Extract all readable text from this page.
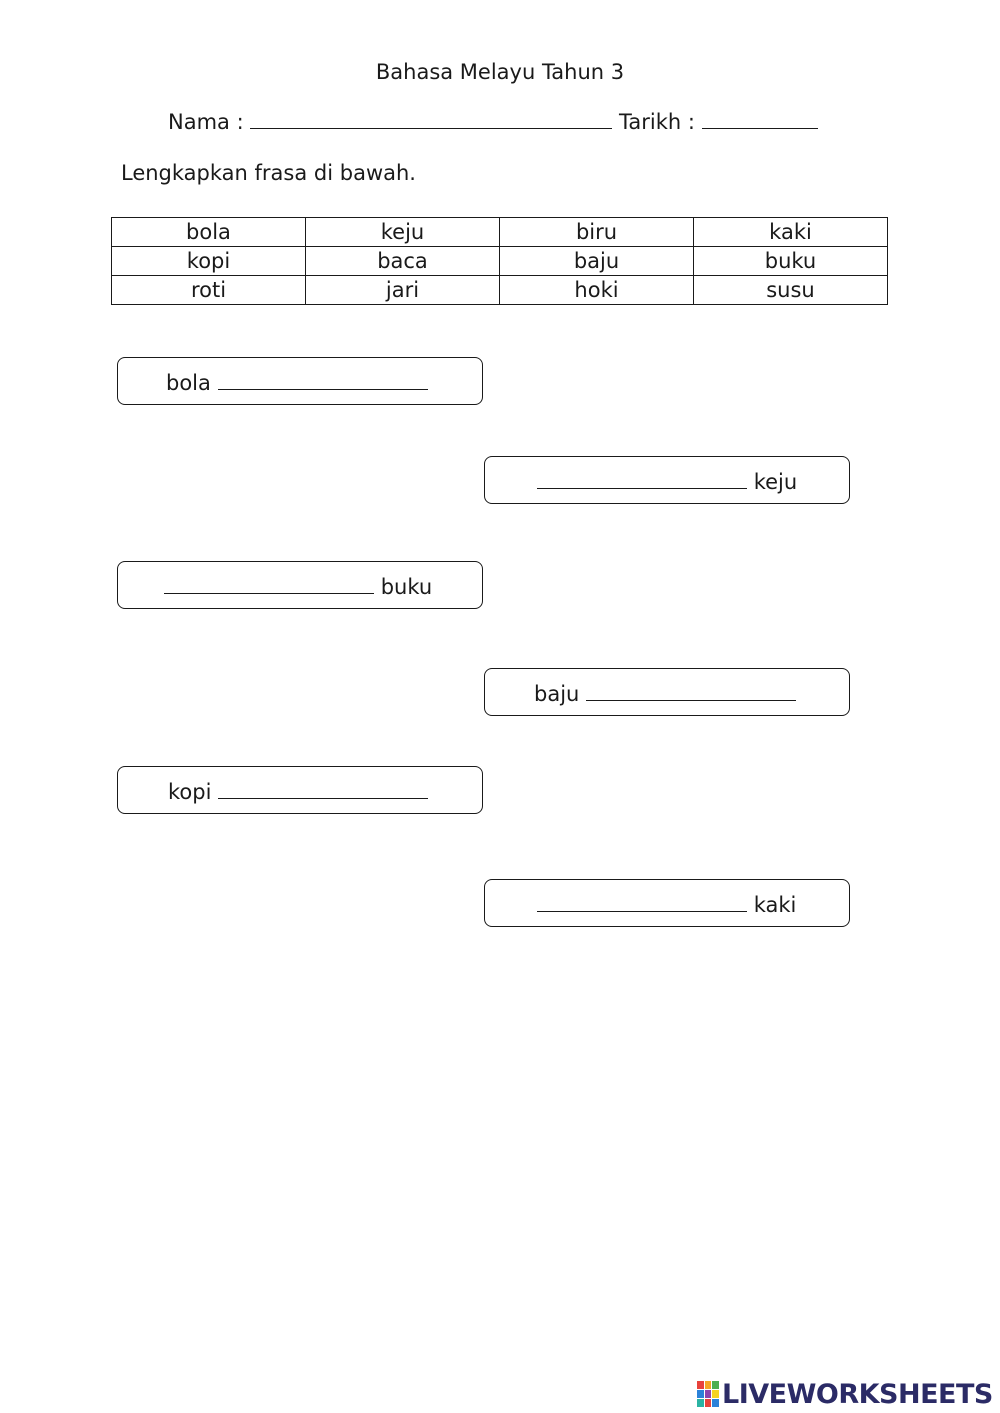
Bahasa Melayu Tahun 3
Nama :	Tarikh :
Lengkapkan frasa di bawah.
bola	keju	biru	kaki
kopi	baca	baju	buku
roti	jari	hoki	susu
bola
keju
buku
baju
kopi
kaki
LIVEWORKSHEETS
